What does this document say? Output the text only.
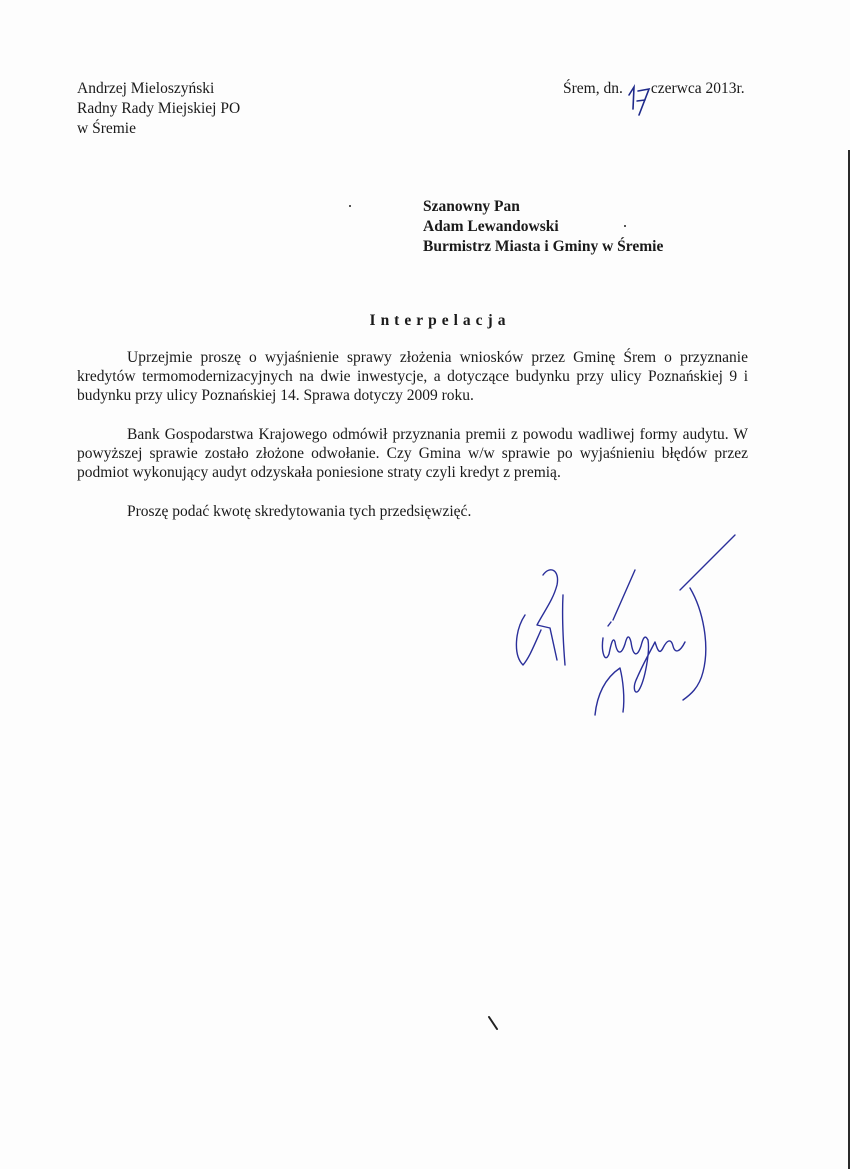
Andrzej Mieloszyński
Radny Rady Miejskiej PO
w Śremie
Śrem, dn. czerwca 2013r.
Szanowny Pan
Adam Lewandowski
Burmistrz Miasta i Gminy w Śremie
Interpelacja

Uprzejmie proszę o wyjaśnienie sprawy złożenia wniosków przez Gminę Śrem o przyznanie kredytów termomodernizacyjnych na dwie inwestycje, a dotyczące budynku przy ulicy Poznańskiej 9 i budynku przy ulicy Poznańskiej 14. Sprawa dotyczy 2009 roku.

Bank Gospodarstwa Krajowego odmówił przyznania premii z powodu wadliwej formy audytu. W powyższej sprawie zostało złożone odwołanie. Czy Gmina w/w sprawie po wyjaśnieniu błędów przez podmiot wykonujący audyt odzyskała poniesione straty czyli kredyt z premią.

Proszę podać kwotę skredytowania tych przedsięwzięć.
